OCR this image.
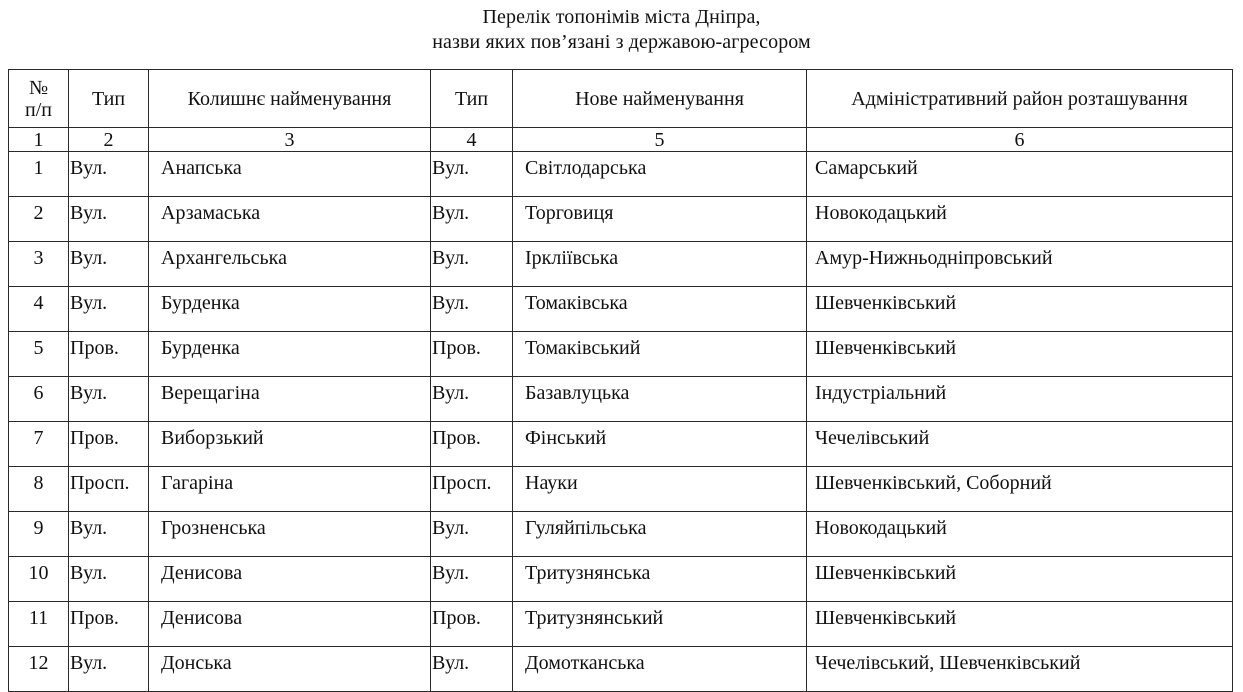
Перелік топонімів міста Дніпра,
назви яких пов’язані з державою-агресором
№
п/п	Тип	Колишнє найменування	Тип	Нове найменування	Адміністративний район розташування
1	2	3	4	5	6
1	Вул.	Анапська	Вул.	Світлодарська	Самарський
2	Вул.	Арзамаська	Вул.	Торговиця	Новокодацький
3	Вул.	Архангельська	Вул.	Ірклiївська	Амур-Нижньодніпровський
4	Вул.	Бурденка	Вул.	Томаківська	Шевченківський
5	Пров.	Бурденка	Пров.	Томаківський	Шевченківський
6	Вул.	Верещагіна	Вул.	Базавлуцька	Індустріальний
7	Пров.	Виборзький	Пров.	Фінський	Чечелівський
8	Просп.	Гагаріна	Просп.	Науки	Шевченківський, Соборний
9	Вул.	Грозненська	Вул.	Гуляйпільська	Новокодацький
10	Вул.	Денисова	Вул.	Тритузнянська	Шевченківський
11	Пров.	Денисова	Пров.	Тритузнянський	Шевченківський
12	Вул.	Донська	Вул.	Домотканська	Чечелівський, Шевченківський
